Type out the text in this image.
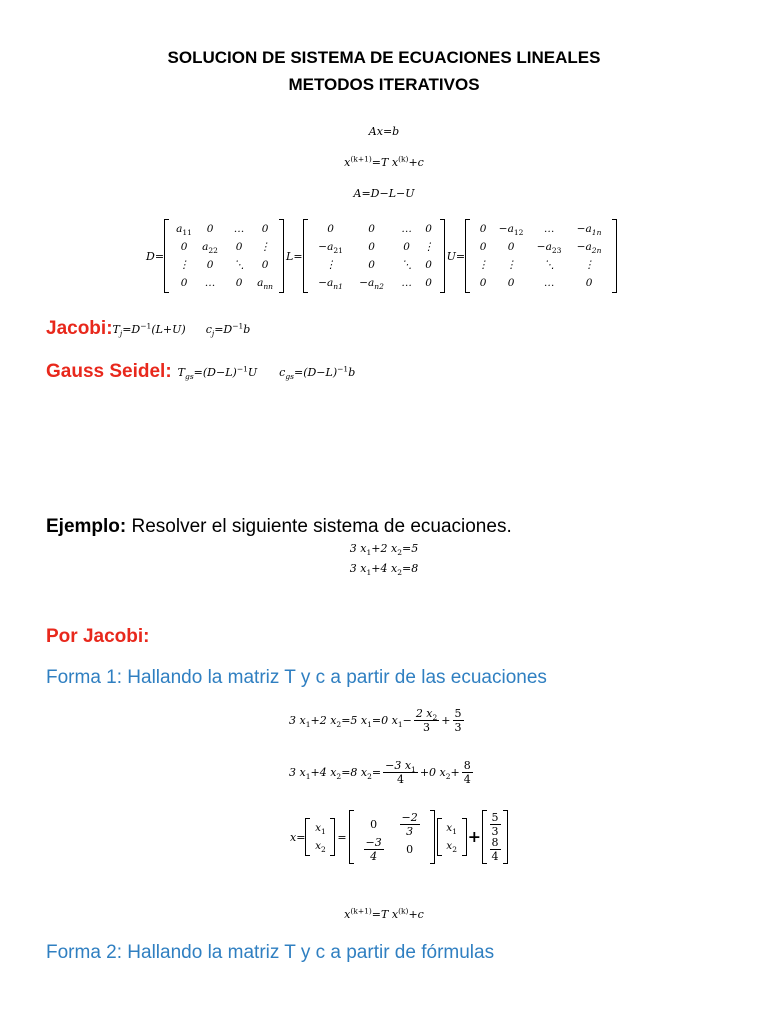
SOLUCION DE SISTEMA DE ECUACIONES LINEALES
METODOS ITERATIVOS
Ax=b
$x^{(k+1)}=T$ $x^{(k)}+c$
A=D−L−U
D=
$a_{11}$ 0 … 0
0 $a_{22}$ 0 ⋮
⋮ 0 ⋱ 0
0 … 0 $a_{nn}$
L=
0	0	… 0
$-a_{21}$ 0	0 ⋮
⋮	0	⋱ 0
$-a_{n1} -a_{n2}$ … 0
U=
$0 -a_{12}$ … $-a_{1n}$
0 $0 -a_{23} -a_{2n}$
⋮ ⋮	⋱	⋮
0 0	…	0
Jacobi: $T_j=D^{-1}(L+U)$ $c_j=D^{-1}b$
Gauss Seidel: $T_{gs}=(D-L)^{-1}U$ $c_{gs}=(D-L)^{-1}b$
Ejemplo: Resolver el siguiente sistema de ecuaciones.
3 $x_1+2$ $x_2=5$
3 $x_1+4$ $x_2=8$
Por Jacobi:
Forma 1: Hallando la matriz T y c a partir de las ecuaciones
3 $x_1+2$ $x_2=5$ $x_1=0$ $x_1- \frac{2 x_2}{3} + \frac{5}{3}$
3 $x_1+4$ $x_2=8$ $x_2= \frac{-3 x_1}{4} +0$ $x_2+ \frac{8}{4}$
x=
$x_1$
$x_2$
=
$0 \frac{-2}{3}$
$\frac{-3}{4} 0$
$x_1$
$x_2$
+ $\frac{5}{3}$
$\frac{8}{4}$
$x^{(k+1)}=T$ $x^{(k)}+c$
Forma 2: Hallando la matriz T y c a partir de fórmulas
